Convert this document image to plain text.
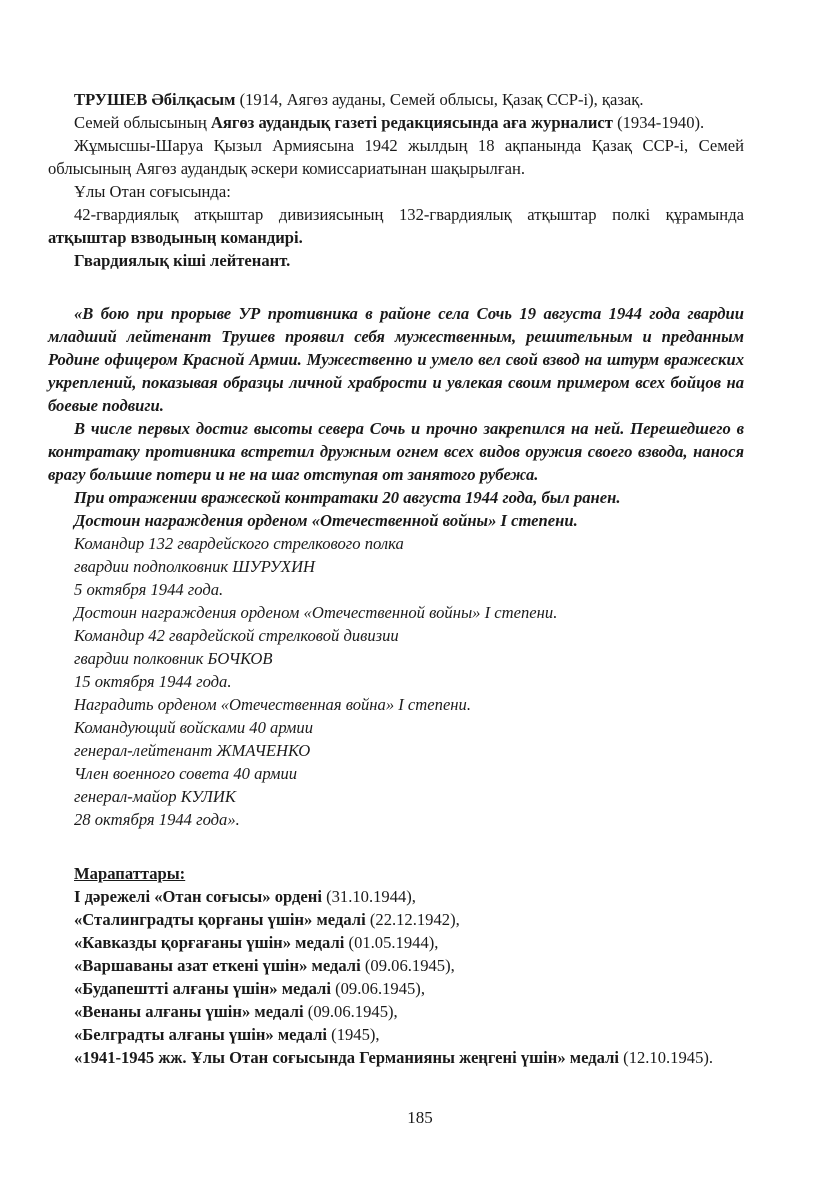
ТРУШЕВ Әбілқасым (1914, Аягөз ауданы, Семей облысы, Қазақ ССР-і), қазақ.

Семей облысының Аягөз аудандық газеті редакциясында аға журналист (1934-1940).

Жұмысшы-Шаруа Қызыл Армиясына 1942 жылдың 18 ақпанында Қазақ ССР-і, Семей облысының Аягөз аудандық әскери комиссариатынан шақырылған.

Ұлы Отан соғысында:

42-гвардиялық атқыштар дивизиясының 132-гвардиялық атқыштар полкі құрамында атқыштар взводының командирі.

Гвардиялық кіші лейтенант.

«В бою при прорыве УР противника в районе села Сочь 19 августа 1944 года гвардии младший лейтенант Трушев проявил себя мужественным, решительным и преданным Родине офицером Красной Армии. Мужественно и умело вел свой взвод на штурм вражеских укреплений, показывая образцы личной храбрости и увлекая своим примером всех бойцов на боевые подвиги.

В числе первых достиг высоты севера Сочь и прочно закрепился на ней. Перешедшего в контратаку противника встретил дружным огнем всех видов оружия своего взвода, нанося врагу большие потери и не на шаг отступая от занятого рубежа.

При отражении вражеской контратаки 20 августа 1944 года, был ранен.

Достоин награждения орденом «Отечественной войны» I степени.

Командир 132 гвардейского стрелкового полка

гвардии подполковник ШУРУХИН

5 октября 1944 года.

Достоин награждения орденом «Отечественной войны» I степени.

Командир 42 гвардейской стрелковой дивизии

гвардии полковник БОЧКОВ

15 октября 1944 года.

Наградить орденом «Отечественная война» I степени.

Командующий войсками 40 армии

генерал-лейтенант ЖМАЧЕНКО

Член военного совета 40 армии

генерал-майор КУЛИК

28 октября 1944 года».

Марапаттары:

І дәрежелі «Отан соғысы» ордені (31.10.1944),

«Сталинградты қорғаны үшін» медалі (22.12.1942),

«Кавказды қорғағаны үшін» медалі (01.05.1944),

«Варшаваны азат еткені үшін» медалі (09.06.1945),

«Будапештті алғаны үшін» медалі (09.06.1945),

«Венаны алғаны үшін» медалі (09.06.1945),

«Белградты алғаны үшін» медалі (1945),

«1941-1945 жж. Ұлы Отан соғысында Германияны жеңгені үшін» медалі (12.10.1945).

185
